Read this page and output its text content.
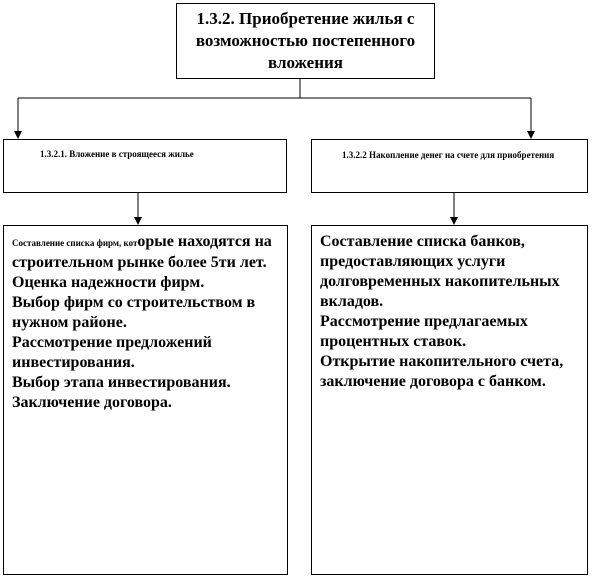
1.3.2. Приобретение жилья с возможностью постепенного вложения
1.3.2.1. Вложение в строящееся жилье	1.3.2.2 Накопление денег на счете для приобретения
Составление списка фирм, которые находятся на строительном рынке более 5ти лет.
Оценка надежности фирм.
Выбор фирм со строительством в нужном районе.
Рассмотрение предложений инвестирования.
Выбор этапа инвестирования.
Заключение договора.
Составление списка банков, предоставляющих услуги долговременных накопительных вкладов.
Рассмотрение предлагаемых процентных ставок.
Открытие накопительного счета, заключение договора с банком.
